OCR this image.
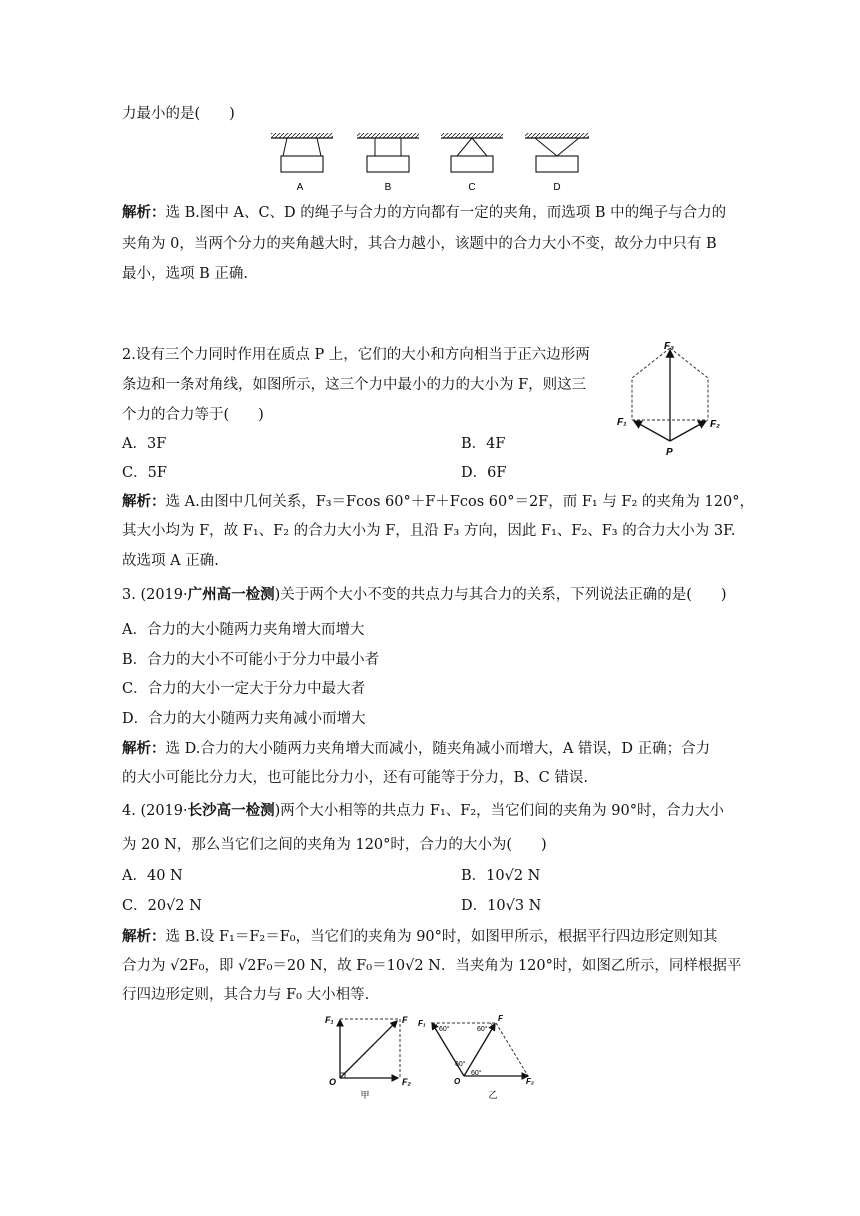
力最小的是(　　)
A	B	C	D
解析：选 B.图中 A、C、D 的绳子与合力的方向都有一定的夹角，而选项 B 中的绳子与合力的
夹角为 0，当两个分力的夹角越大时，其合力越小，该题中的合力大小不变，故分力中只有 B
最小，选项 B 正确.
2.设有三个力同时作用在质点 P 上，它们的大小和方向相当于正六边形两
条边和一条对角线，如图所示，这三个力中最小的力的大小为 F，则这三
个力的合力等于(　　)
A．3F	B．4F
C．5F	D．6F
F₃
F₁	F₂
P
解析：选 A.由图中几何关系，F₃＝Fcos 60°＋F＋Fcos 60°＝2F，而 F₁ 与 F₂ 的夹角为 120°，
其大小均为 F，故 F₁、F₂ 的合力大小为 F，且沿 F₃ 方向，因此 F₁、F₂、F₃ 的合力大小为 3F.
故选项 A 正确.
3. (2019·广州高一检测)关于两个大小不变的共点力与其合力的关系，下列说法正确的是(　　)
A．合力的大小随两力夹角增大而增大
B．合力的大小不可能小于分力中最小者
C．合力的大小一定大于分力中最大者
D．合力的大小随两力夹角减小而增大
解析：选 D.合力的大小随两力夹角增大而减小，随夹角减小而增大，A 错误，D 正确；合力
的大小可能比分力大，也可能比分力小，还有可能等于分力，B、C 错误.
4. (2019·长沙高一检测)两个大小相等的共点力 F₁、F₂，当它们间的夹角为 90°时，合力大小
为 20 N，那么当它们之间的夹角为 120°时，合力的大小为(　　)
A．40 N	B．10√2 N
C．20√2 N	D．10√3 N
解析：选 B.设 F₁＝F₂＝F₀，当它们的夹角为 90°时，如图甲所示，根据平行四边形定则知其
合力为 √2F₀，即 √2F₀＝20 N，故 F₀＝10√2 N．当夹角为 120°时，如图乙所示，同样根据平
行四边形定则，其合力与 F₀ 大小相等.
F₁	F
F₂
O
甲
F₁
F
F₂
O
60°	60°
60°
60°
乙
